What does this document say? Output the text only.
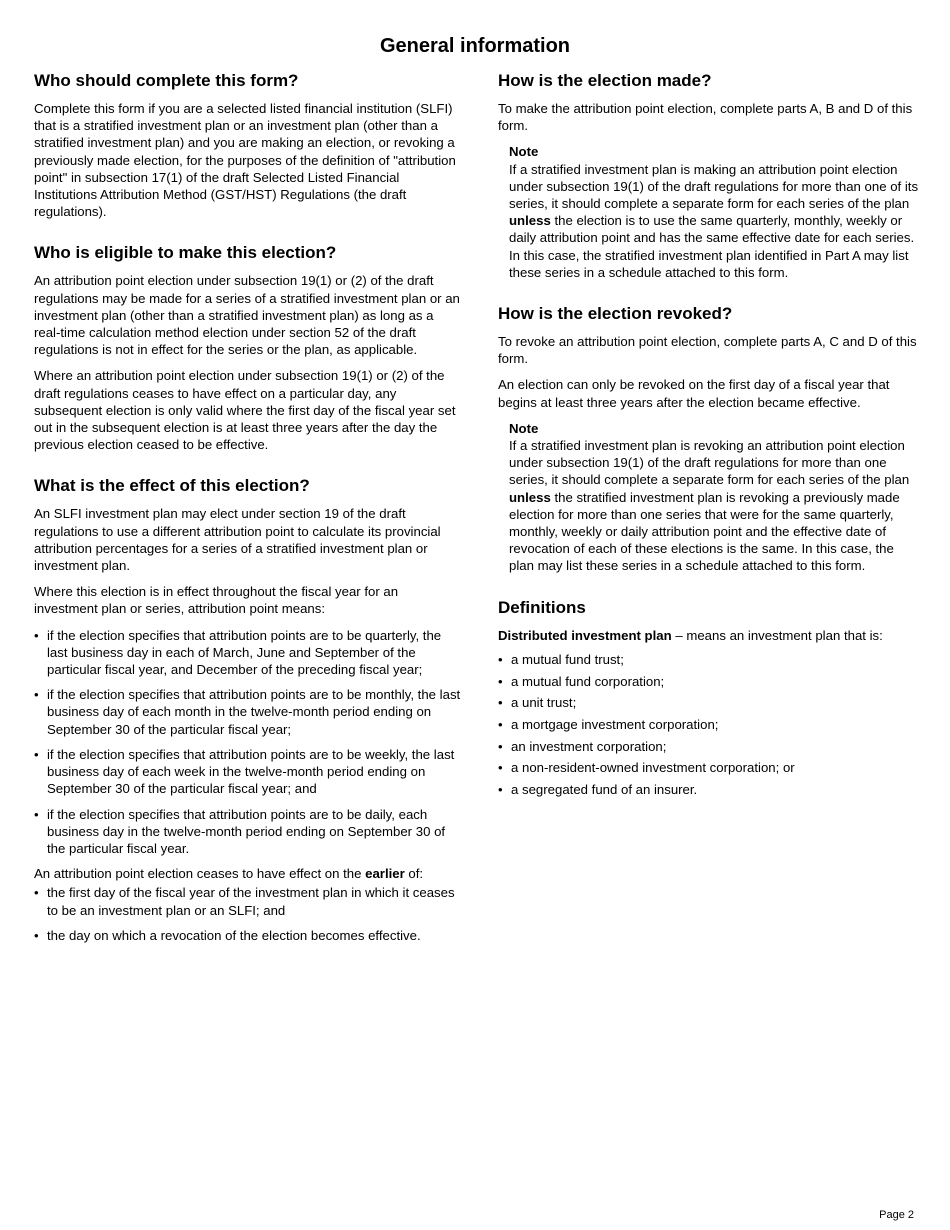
General information
Who should complete this form?

Complete this form if you are a selected listed financial institution (SLFI) that is a stratified investment plan or an investment plan (other than a stratified investment plan) and you are making an election, or revoking a previously made election, for the purposes of the definition of "attribution point" in subsection 17(1) of the draft Selected Listed Financial Institutions Attribution Method (GST/HST) Regulations (the draft regulations).

Who is eligible to make this election?

An attribution point election under subsection 19(1) or (2) of the draft regulations may be made for a series of a stratified investment plan or an investment plan (other than a stratified investment plan) as long as a real-time calculation method election under section 52 of the draft regulations is not in effect for the series or the plan, as applicable.

Where an attribution point election under subsection 19(1) or (2) of the draft regulations ceases to have effect on a particular day, any subsequent election is only valid where the first day of the fiscal year set out in the subsequent election is at least three years after the day the previous election ceased to be effective.

What is the effect of this election?

An SLFI investment plan may elect under section 19 of the draft regulations to use a different attribution point to calculate its provincial attribution percentages for a series of a stratified investment plan or investment plan.

Where this election is in effect throughout the fiscal year for an investment plan or series, attribution point means:

• if the election specifies that attribution points are to be quarterly, the last business day in each of March, June and September of the particular fiscal year, and December of the preceding fiscal year;
• if the election specifies that attribution points are to be monthly, the last business day of each month in the twelve-month period ending on September 30 of the particular fiscal year;
• if the election specifies that attribution points are to be weekly, the last business day of each week in the twelve-month period ending on September 30 of the particular fiscal year; and
• if the election specifies that attribution points are to be daily, each business day in the twelve-month period ending on September 30 of the particular fiscal year.

An attribution point election ceases to have effect on the earlier of:

• the first day of the fiscal year of the investment plan in which it ceases to be an investment plan or an SLFI; and
• the day on which a revocation of the election becomes effective.
How is the election made?

To make the attribution point election, complete parts A, B and D of this form.

Note

If a stratified investment plan is making an attribution point election under subsection 19(1) of the draft regulations for more than one of its series, it should complete a separate form for each series of the plan unless the election is to use the same quarterly, monthly, weekly or daily attribution point and has the same effective date for each series. In this case, the stratified investment plan identified in Part A may list these series in a schedule attached to this form.

How is the election revoked?

To revoke an attribution point election, complete parts A, C and D of this form.

An election can only be revoked on the first day of a fiscal year that begins at least three years after the election became effective.

Note

If a stratified investment plan is revoking an attribution point election under subsection 19(1) of the draft regulations for more than one series, it should complete a separate form for each series of the plan unless the stratified investment plan is revoking a previously made election for more than one series that were for the same quarterly, monthly, weekly or daily attribution point and the effective date of revocation of each of these elections is the same. In this case, the plan may list these series in a schedule attached to this form.

Definitions

Distributed investment plan – means an investment plan that is:

• a mutual fund trust;
• a mutual fund corporation;
• a unit trust;
• a mortgage investment corporation;
• an investment corporation;
• a non-resident-owned investment corporation; or
• a segregated fund of an insurer.
Page 2
